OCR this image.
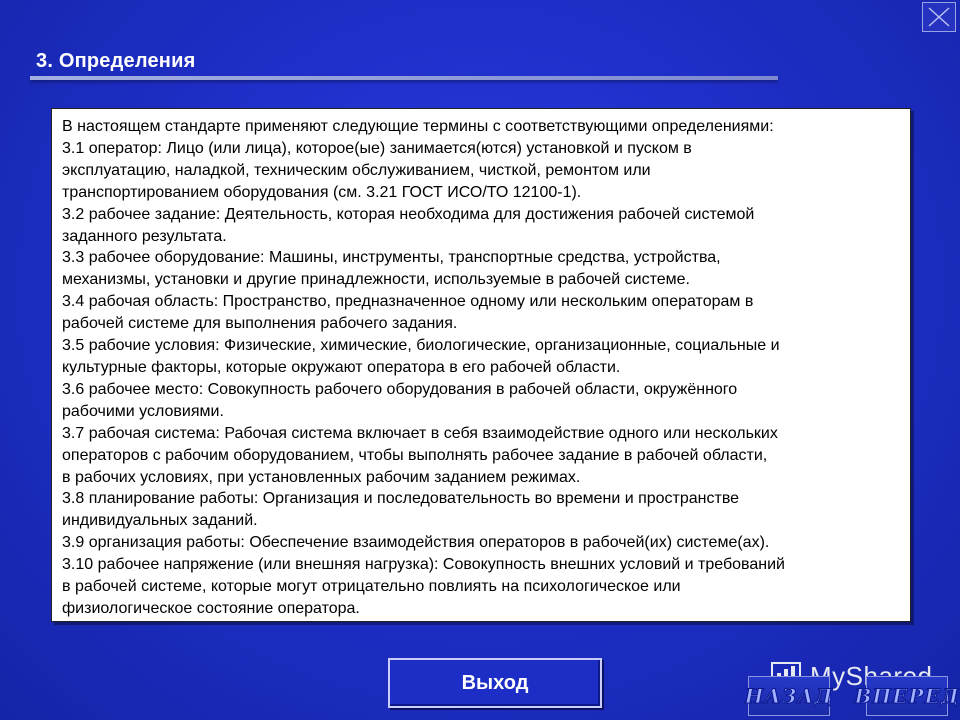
3. Определения
В настоящем стандарте применяют следующие термины с соответствующими определениями:
3.1 оператор: Лицо (или лица), которое(ые) занимается(ются) установкой и пуском в
эксплуатацию, наладкой, техническим обслуживанием, чисткой, ремонтом или
транспортированием оборудования (см. 3.21 ГОСТ ИСО/ТО 12100-1).
3.2 рабочее задание: Деятельность, которая необходима для достижения рабочей системой
заданного результата.
3.3 рабочее оборудование: Машины, инструменты, транспортные средства, устройства,
механизмы, установки и другие принадлежности, используемые в рабочей системе.
3.4 рабочая область: Пространство, предназначенное одному или нескольким операторам в
рабочей системе для выполнения рабочего задания.
3.5 рабочие условия: Физические, химические, биологические, организационные, социальные и
культурные факторы, которые окружают оператора в его рабочей области.
3.6 рабочее место: Совокупность рабочего оборудования в рабочей области, окружённого
рабочими условиями.
3.7 рабочая система: Рабочая система включает в себя взаимодействие одного или нескольких
операторов с рабочим оборудованием, чтобы выполнять рабочее задание в рабочей области,
в рабочих условиях, при установленных рабочим заданием режимах.
3.8 планирование работы: Организация и последовательность во времени и пространстве
индивидуальных заданий.
3.9 организация работы: Обеспечение взаимодействия операторов в рабочей(их) системе(ах).
3.10 рабочее напряжение (или внешняя нагрузка): Совокупность внешних условий и требований
в рабочей системе, которые могут отрицательно повлиять на психологическое или
физиологическое состояние оператора.
Выход
НАЗАД ВПЕРЕД
